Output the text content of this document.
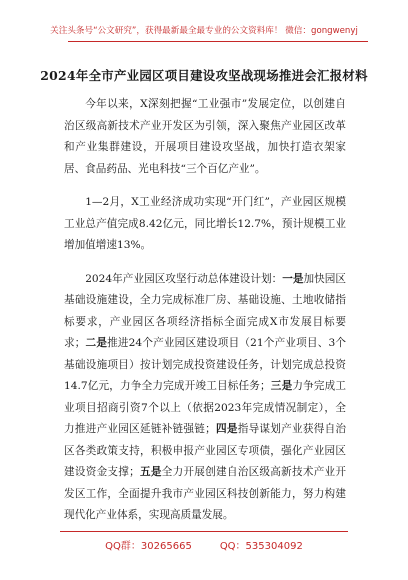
关注头条号“公文研究”，获得最新最全最专业的公文资料库！ 微信：gongwenyj
2024年全市产业园区项目建设攻坚战现场推进会汇报材料

今年以来，X深刻把握“工业强市”发展定位，以创建自治区级高新技术产业开发区为引领，深入聚焦产业园区改革和产业集群建设，开展项目建设攻坚战，加快打造衣架家居、食品药品、光电科技“三个百亿产业”。

1—2月，X工业经济成功实现“开门红”，产业园区规模工业总产值完成8.42亿元，同比增长12.7%，预计规模工业增加值增速13%。

2024年产业园区攻坚行动总体建设计划：一是加快园区基础设施建设，全力完成标准厂房、基础设施、土地收储指标要求，产业园区各项经济指标全面完成X市发展目标要求；二是推进24个产业园区建设项目（21个产业项目、3个基础设施项目）按计划完成投资建设任务，计划完成总投资14.7亿元，力争全力完成开竣工目标任务；三是力争完成工业项目招商引资7个以上（依据2023年完成情况制定），全力推进产业园区延链补链强链；四是指导谋划产业获得自治区各类政策支持，积极申报产业园区专项债，强化产业园区建设资金支撑；五是全力开展创建自治区级高新技术产业开发区工作，全面提升我市产业园区科技创新能力，努力构建现代化产业体系，实现高质量发展。

QQ群：30265665	QQ：535304092
